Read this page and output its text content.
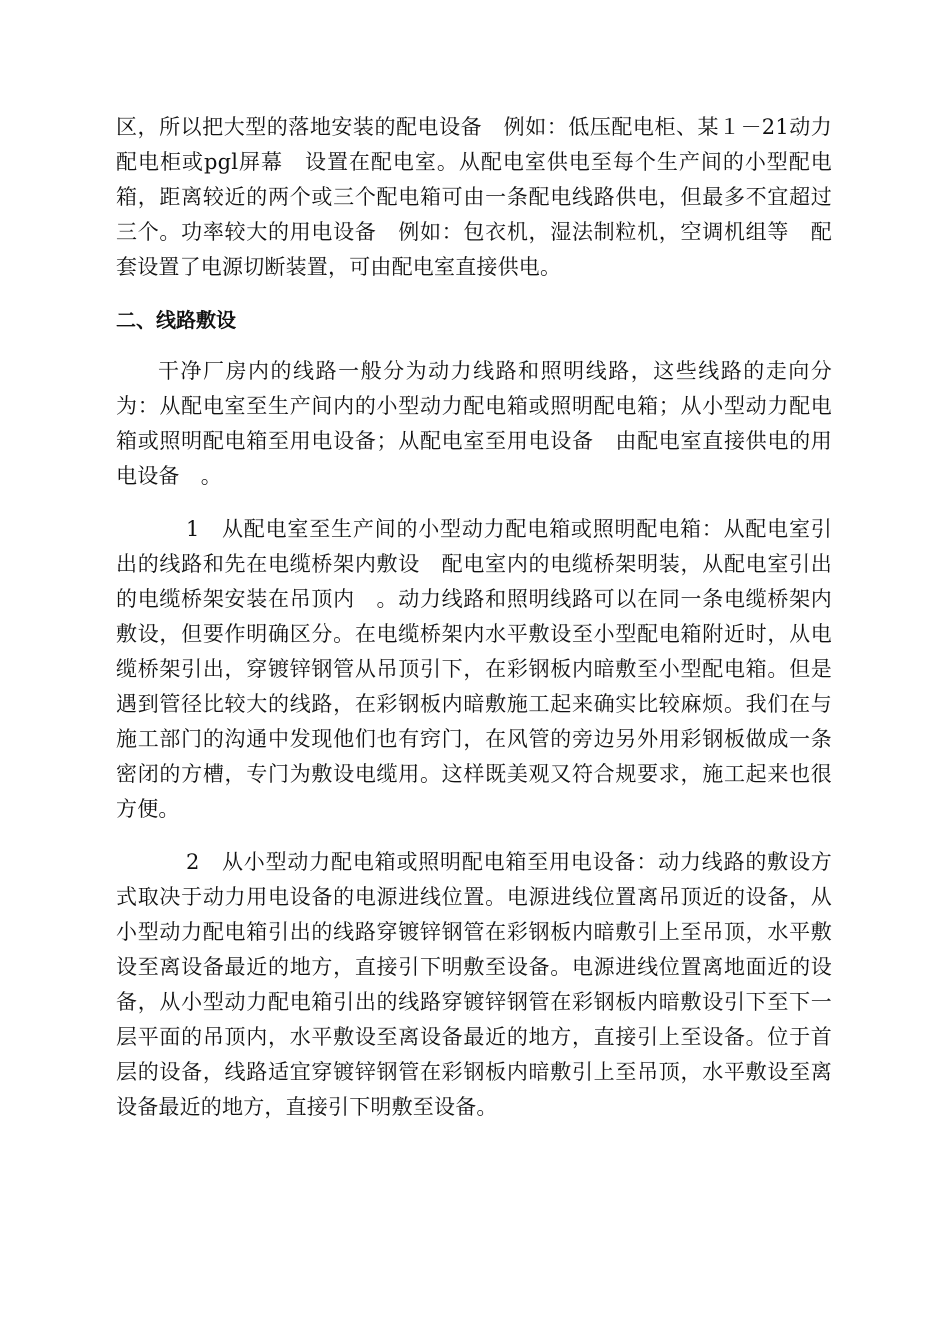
区，所以把大型的落地安装的配电设备　例如：低压配电柜、某１－21动力配电柜或pgl屏幕　设置在配电室。从配电室供电至每个生产间的小型配电箱，距离较近的两个或三个配电箱可由一条配电线路供电，但最多不宜超过三个。功率较大的用电设备　例如：包衣机，湿法制粒机，空调机组等　配套设置了电源切断装置，可由配电室直接供电。

二、线路敷设

干净厂房内的线路一般分为动力线路和照明线路，这些线路的走向分为：从配电室至生产间内的小型动力配电箱或照明配电箱；从小型动力配电箱或照明配电箱至用电设备；从配电室至用电设备　由配电室直接供电的用电设备　。

1　从配电室至生产间的小型动力配电箱或照明配电箱：从配电室引出的线路和先在电缆桥架内敷设　配电室内的电缆桥架明装，从配电室引出的电缆桥架安装在吊顶内　。动力线路和照明线路可以在同一条电缆桥架内敷设，但要作明确区分。在电缆桥架内水平敷设至小型配电箱附近时，从电缆桥架引出，穿镀锌钢管从吊顶引下，在彩钢板内暗敷至小型配电箱。但是遇到管径比较大的线路，在彩钢板内暗敷施工起来确实比较麻烦。我们在与施工部门的沟通中发现他们也有窍门，在风管的旁边另外用彩钢板做成一条密闭的方槽，专门为敷设电缆用。这样既美观又符合规要求，施工起来也很方便。

2　从小型动力配电箱或照明配电箱至用电设备：动力线路的敷设方式取决于动力用电设备的电源进线位置。电源进线位置离吊顶近的设备，从小型动力配电箱引出的线路穿镀锌钢管在彩钢板内暗敷引上至吊顶，水平敷设至离设备最近的地方，直接引下明敷至设备。电源进线位置离地面近的设备，从小型动力配电箱引出的线路穿镀锌钢管在彩钢板内暗敷设引下至下一层平面的吊顶内，水平敷设至离设备最近的地方，直接引上至设备。位于首层的设备，线路适宜穿镀锌钢管在彩钢板内暗敷引上至吊顶，水平敷设至离设备最近的地方，直接引下明敷至设备。
